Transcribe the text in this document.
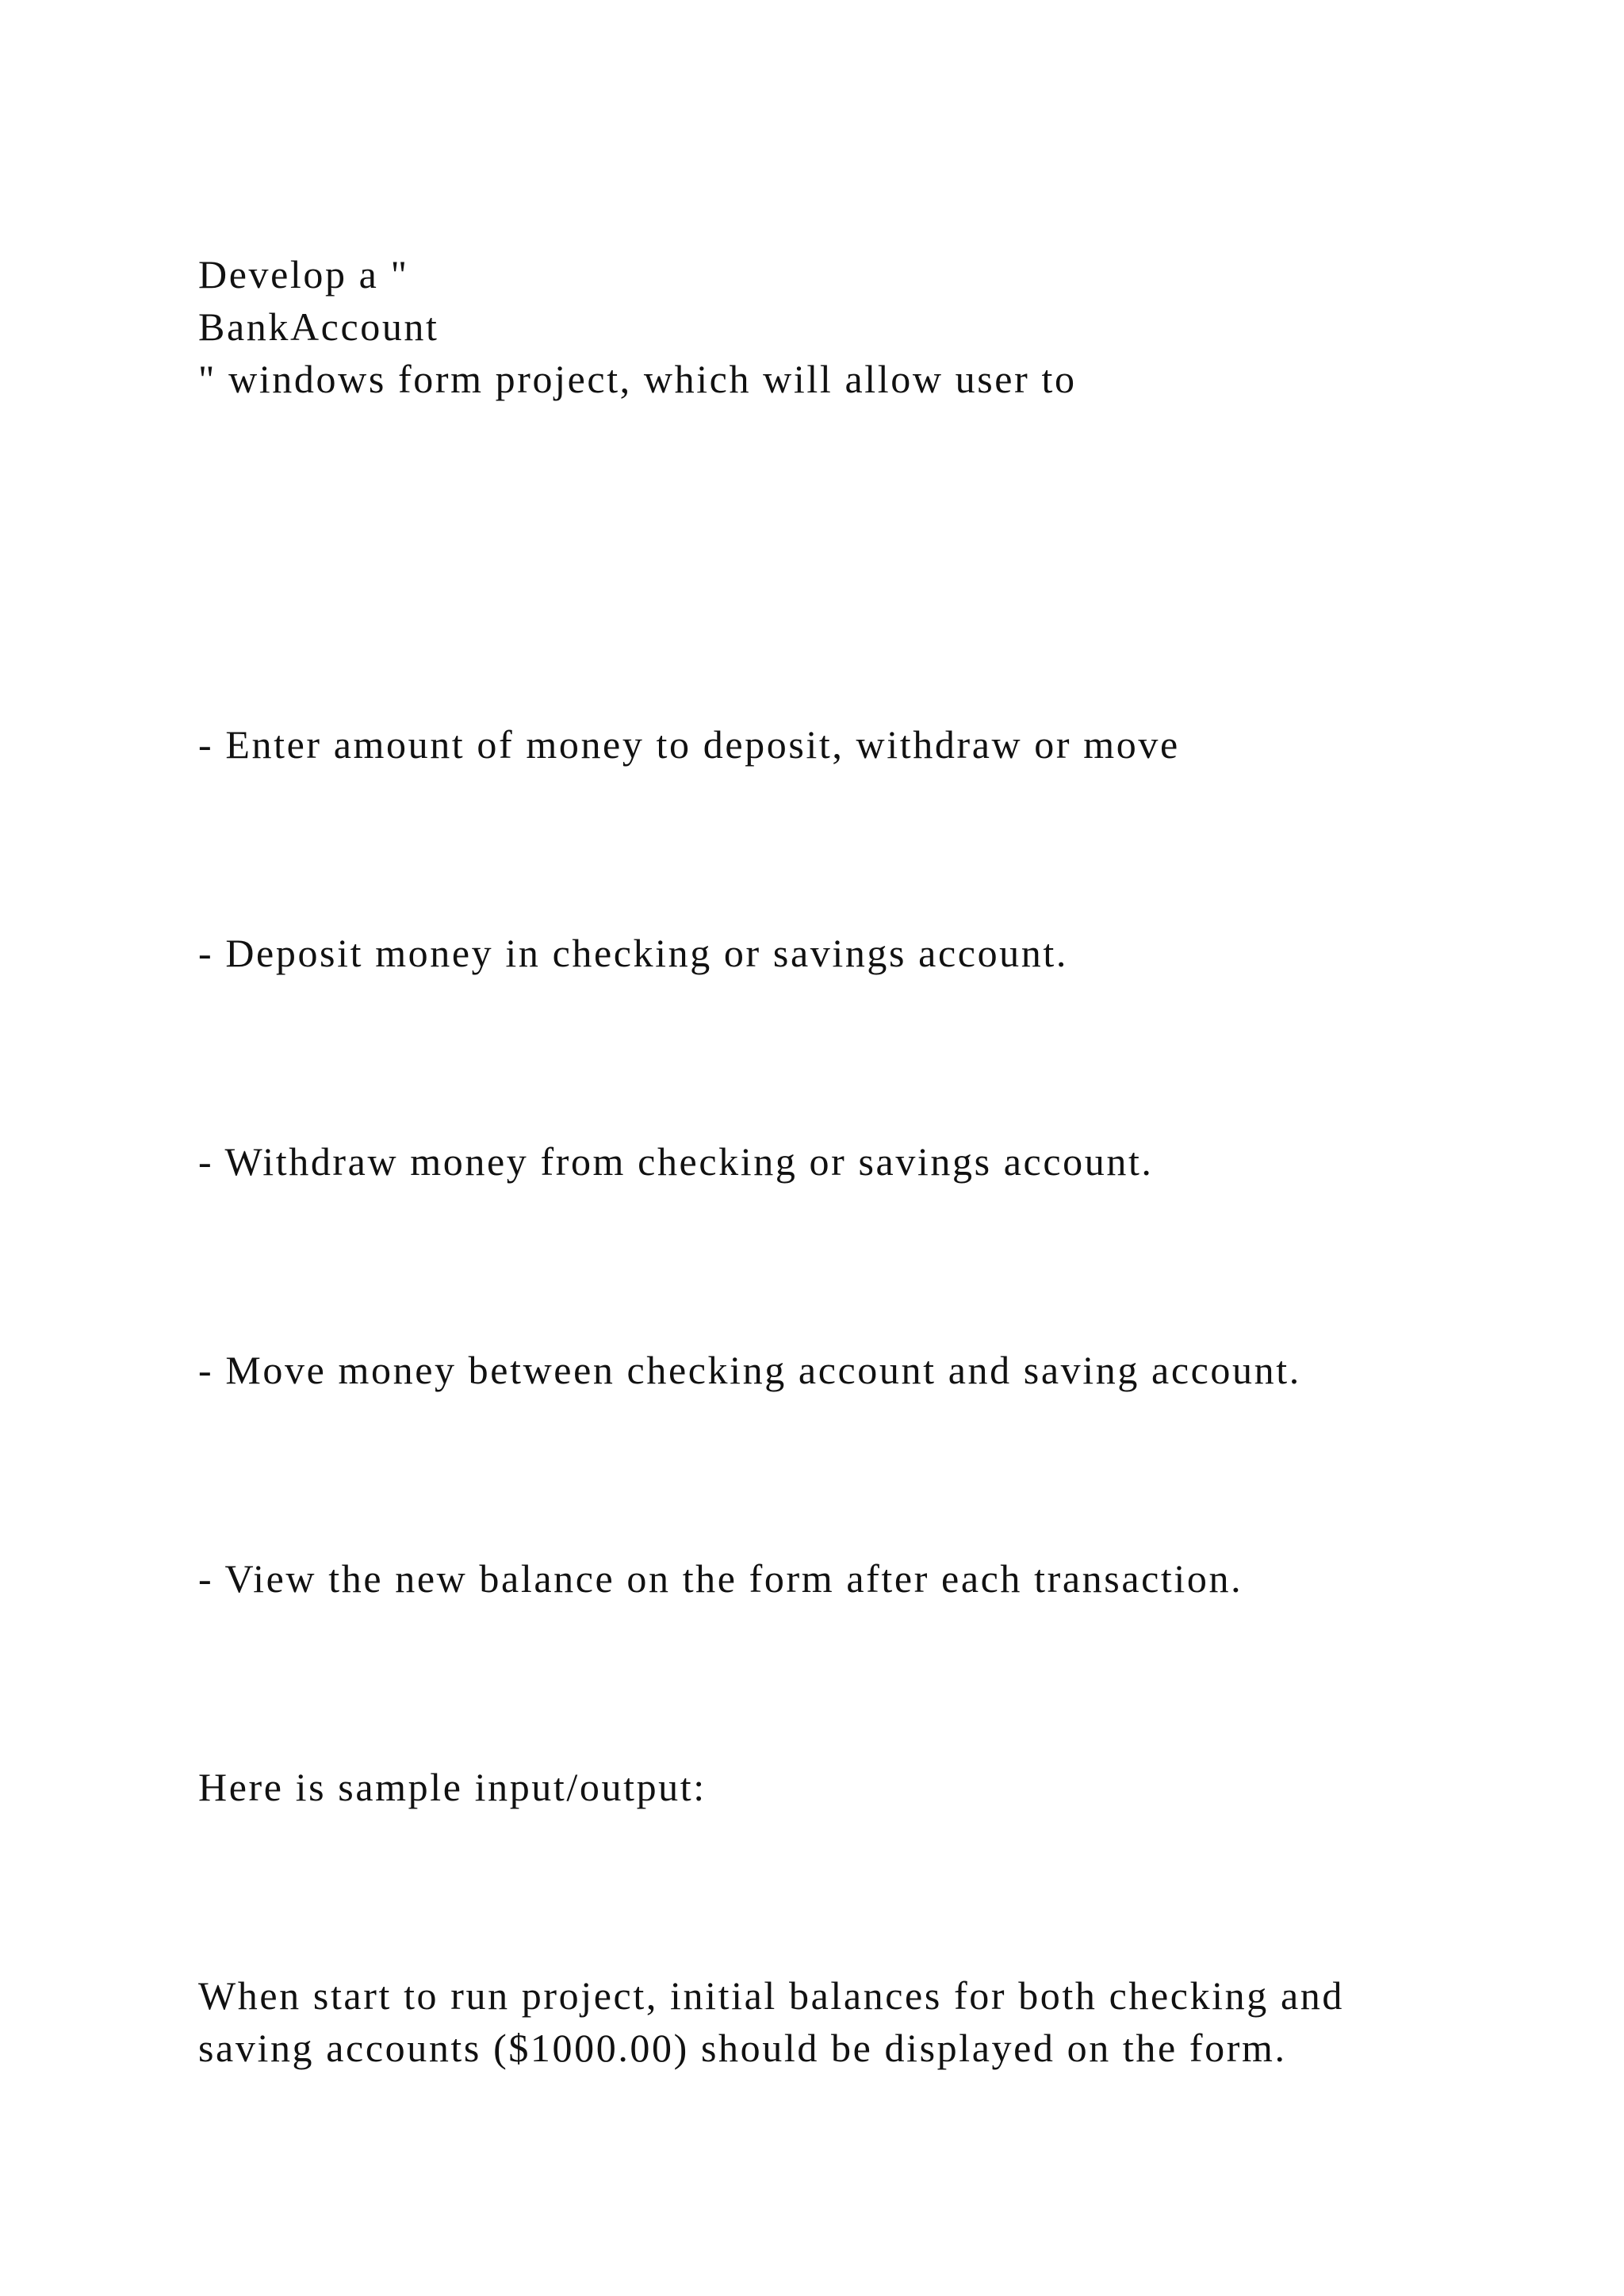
Develop a "

BankAccount

" windows form project, which will allow user to

- Enter amount of money to deposit, withdraw or move

- Deposit money in checking or savings account.

- Withdraw money from checking or savings account.

- Move money between checking account and saving account.

- View the new balance on the form after each transaction.

Here is sample input/output:

When start to run project, initial balances for both checking and

saving accounts ($1000.00) should be displayed on the form.
